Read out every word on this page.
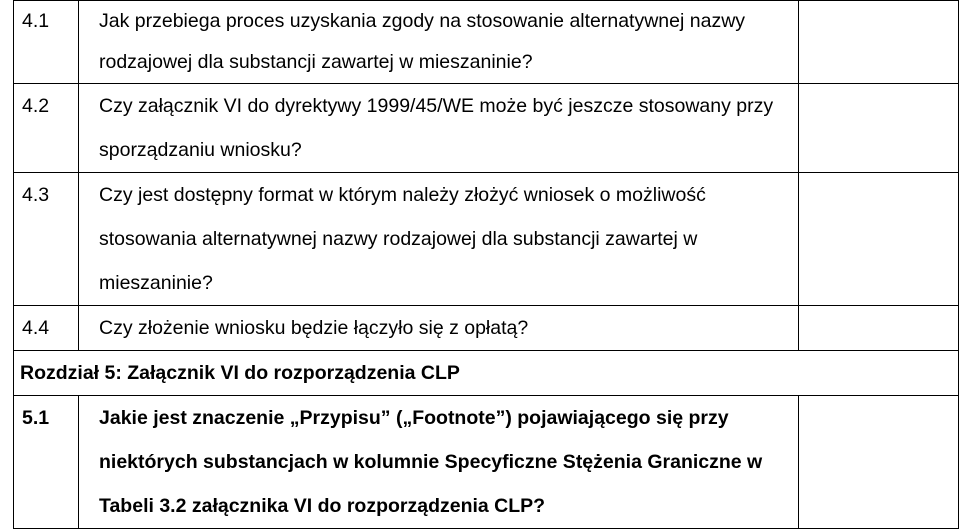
4.1	Jak przebiega proces uzyskania zgody na stosowanie alternatywnej nazwy rodzajowej dla substancji zawartej w mieszaninie?	

4.2	Czy załącznik VI do dyrektywy 1999/45/WE może być jeszcze stosowany przy sporządzaniu wniosku?	

4.3	Czy jest dostępny format w którym należy złożyć wniosek o możliwość stosowania alternatywnej nazwy rodzajowej dla substancji zawartej w mieszaninie?	

4.4	Czy złożenie wniosku będzie łączyło się z opłatą?	

Rozdział 5: Załącznik VI do rozporządzenia CLP		
5.1	Jakie jest znaczenie „Przypisu” („Footnote”) pojawiającego się przy niektórych substancjach w kolumnie Specyficzne Stężenia Graniczne w Tabeli 3.2 załącznika VI do rozporządzenia CLP?	
